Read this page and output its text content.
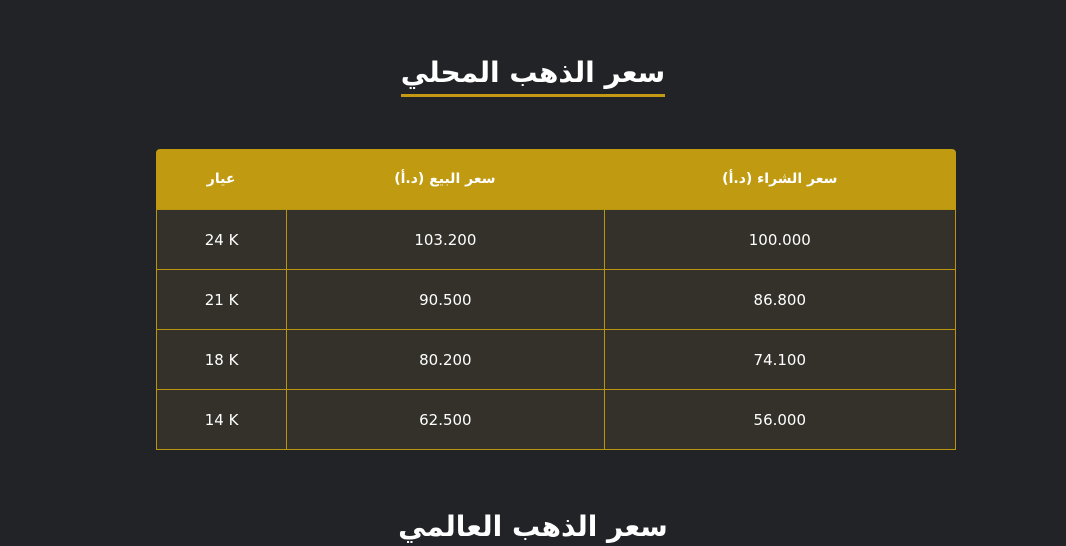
سعر الذهب المحلي
سعر الشراء (د.أ)	سعر البيع (د.أ)	عيار
100.000	103.200	24 K
86.800	90.500	21 K
74.100	80.200	18 K
56.000	62.500	14 K
سعر الذهب العالمي
